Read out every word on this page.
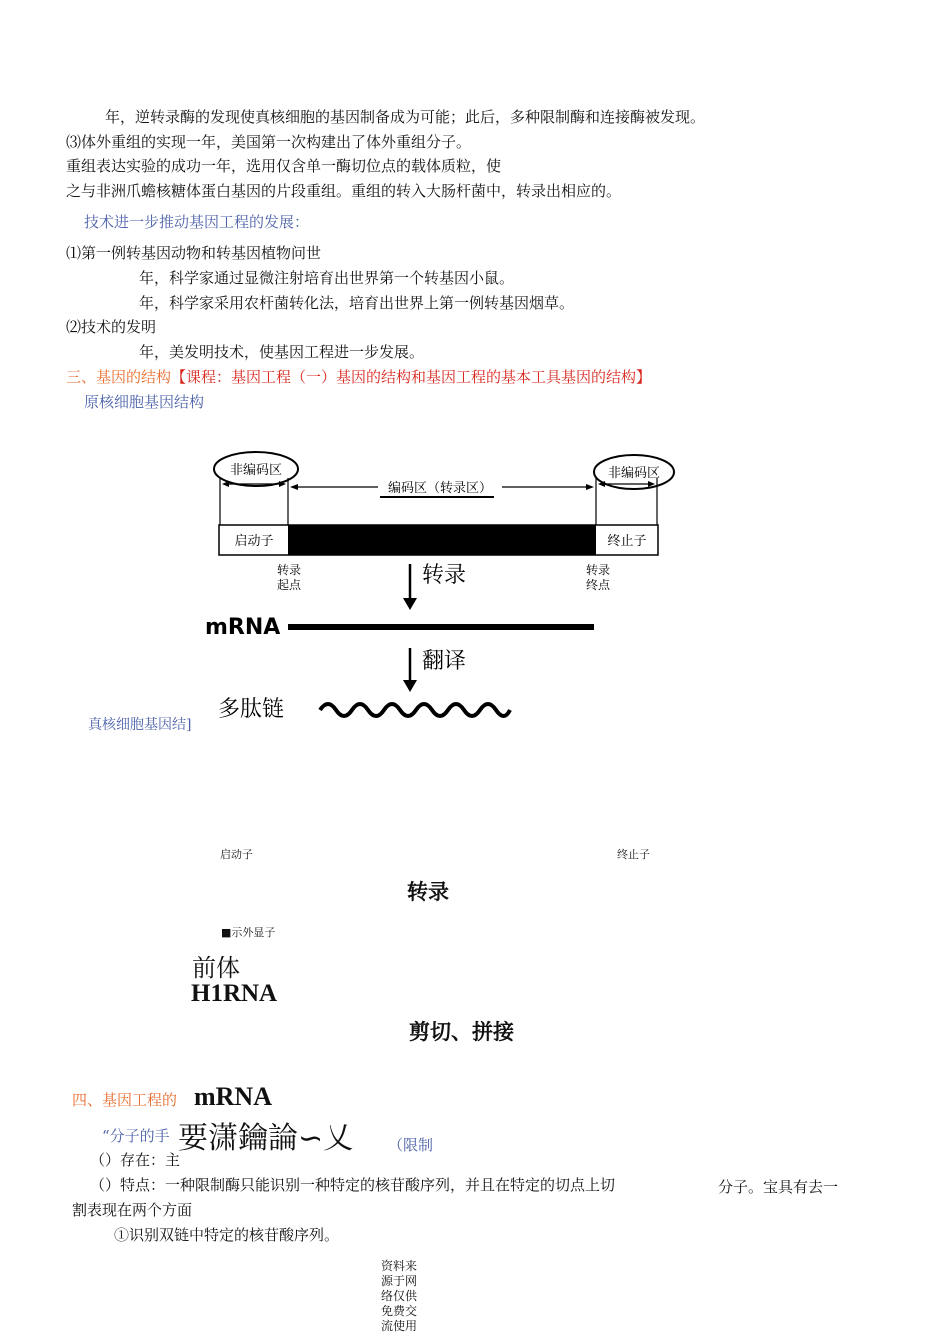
年，逆转录酶的发现使真核细胞的基因制备成为可能；此后，多种限制酶和连接酶被发现。
⑶体外重组的实现一年，美国第一次构建出了体外重组分子。
重组表达实验的成功一年，选用仅含单一酶切位点的载体质粒，使
之与非洲爪蟾核糖体蛋白基因的片段重组。重组的转入大肠杆菌中，转录出相应的。
技术进一步推动基因工程的发展：
⑴第一例转基因动物和转基因植物问世
年，科学家通过显微注射培育出世界第一个转基因小鼠。
年，科学家采用农杆菌转化法，培育出世界上第一例转基因烟草。
⑵技术的发明
年，美发明技术，使基因工程进一步发展。
三、基因的结构【课程：基因工程（一）基因的结构和基因工程的基本工具基因的结构】
原核细胞基因结构
非编码区	非编码区
编码区（转录区）
启动子	终止子
转录
起点
转录
终点
转录
mRNA
翻译
多肽链
真核细胞基因结]
启动子	终止子
转录
■示外显子
前体
H1RNA
剪切、拼接
四、基因工程的 mRNA
“分子的手 要潇鑰論∽乂 （限制
（）存在：主
（）特点：一种限制酶只能识别一种特定的核苷酸序列，并且在特定的切点上切	分子。宝具有去一
割表现在两个方面
①识别双链中特定的核苷酸序列。
资料来源于网络仅供免费交流使用
